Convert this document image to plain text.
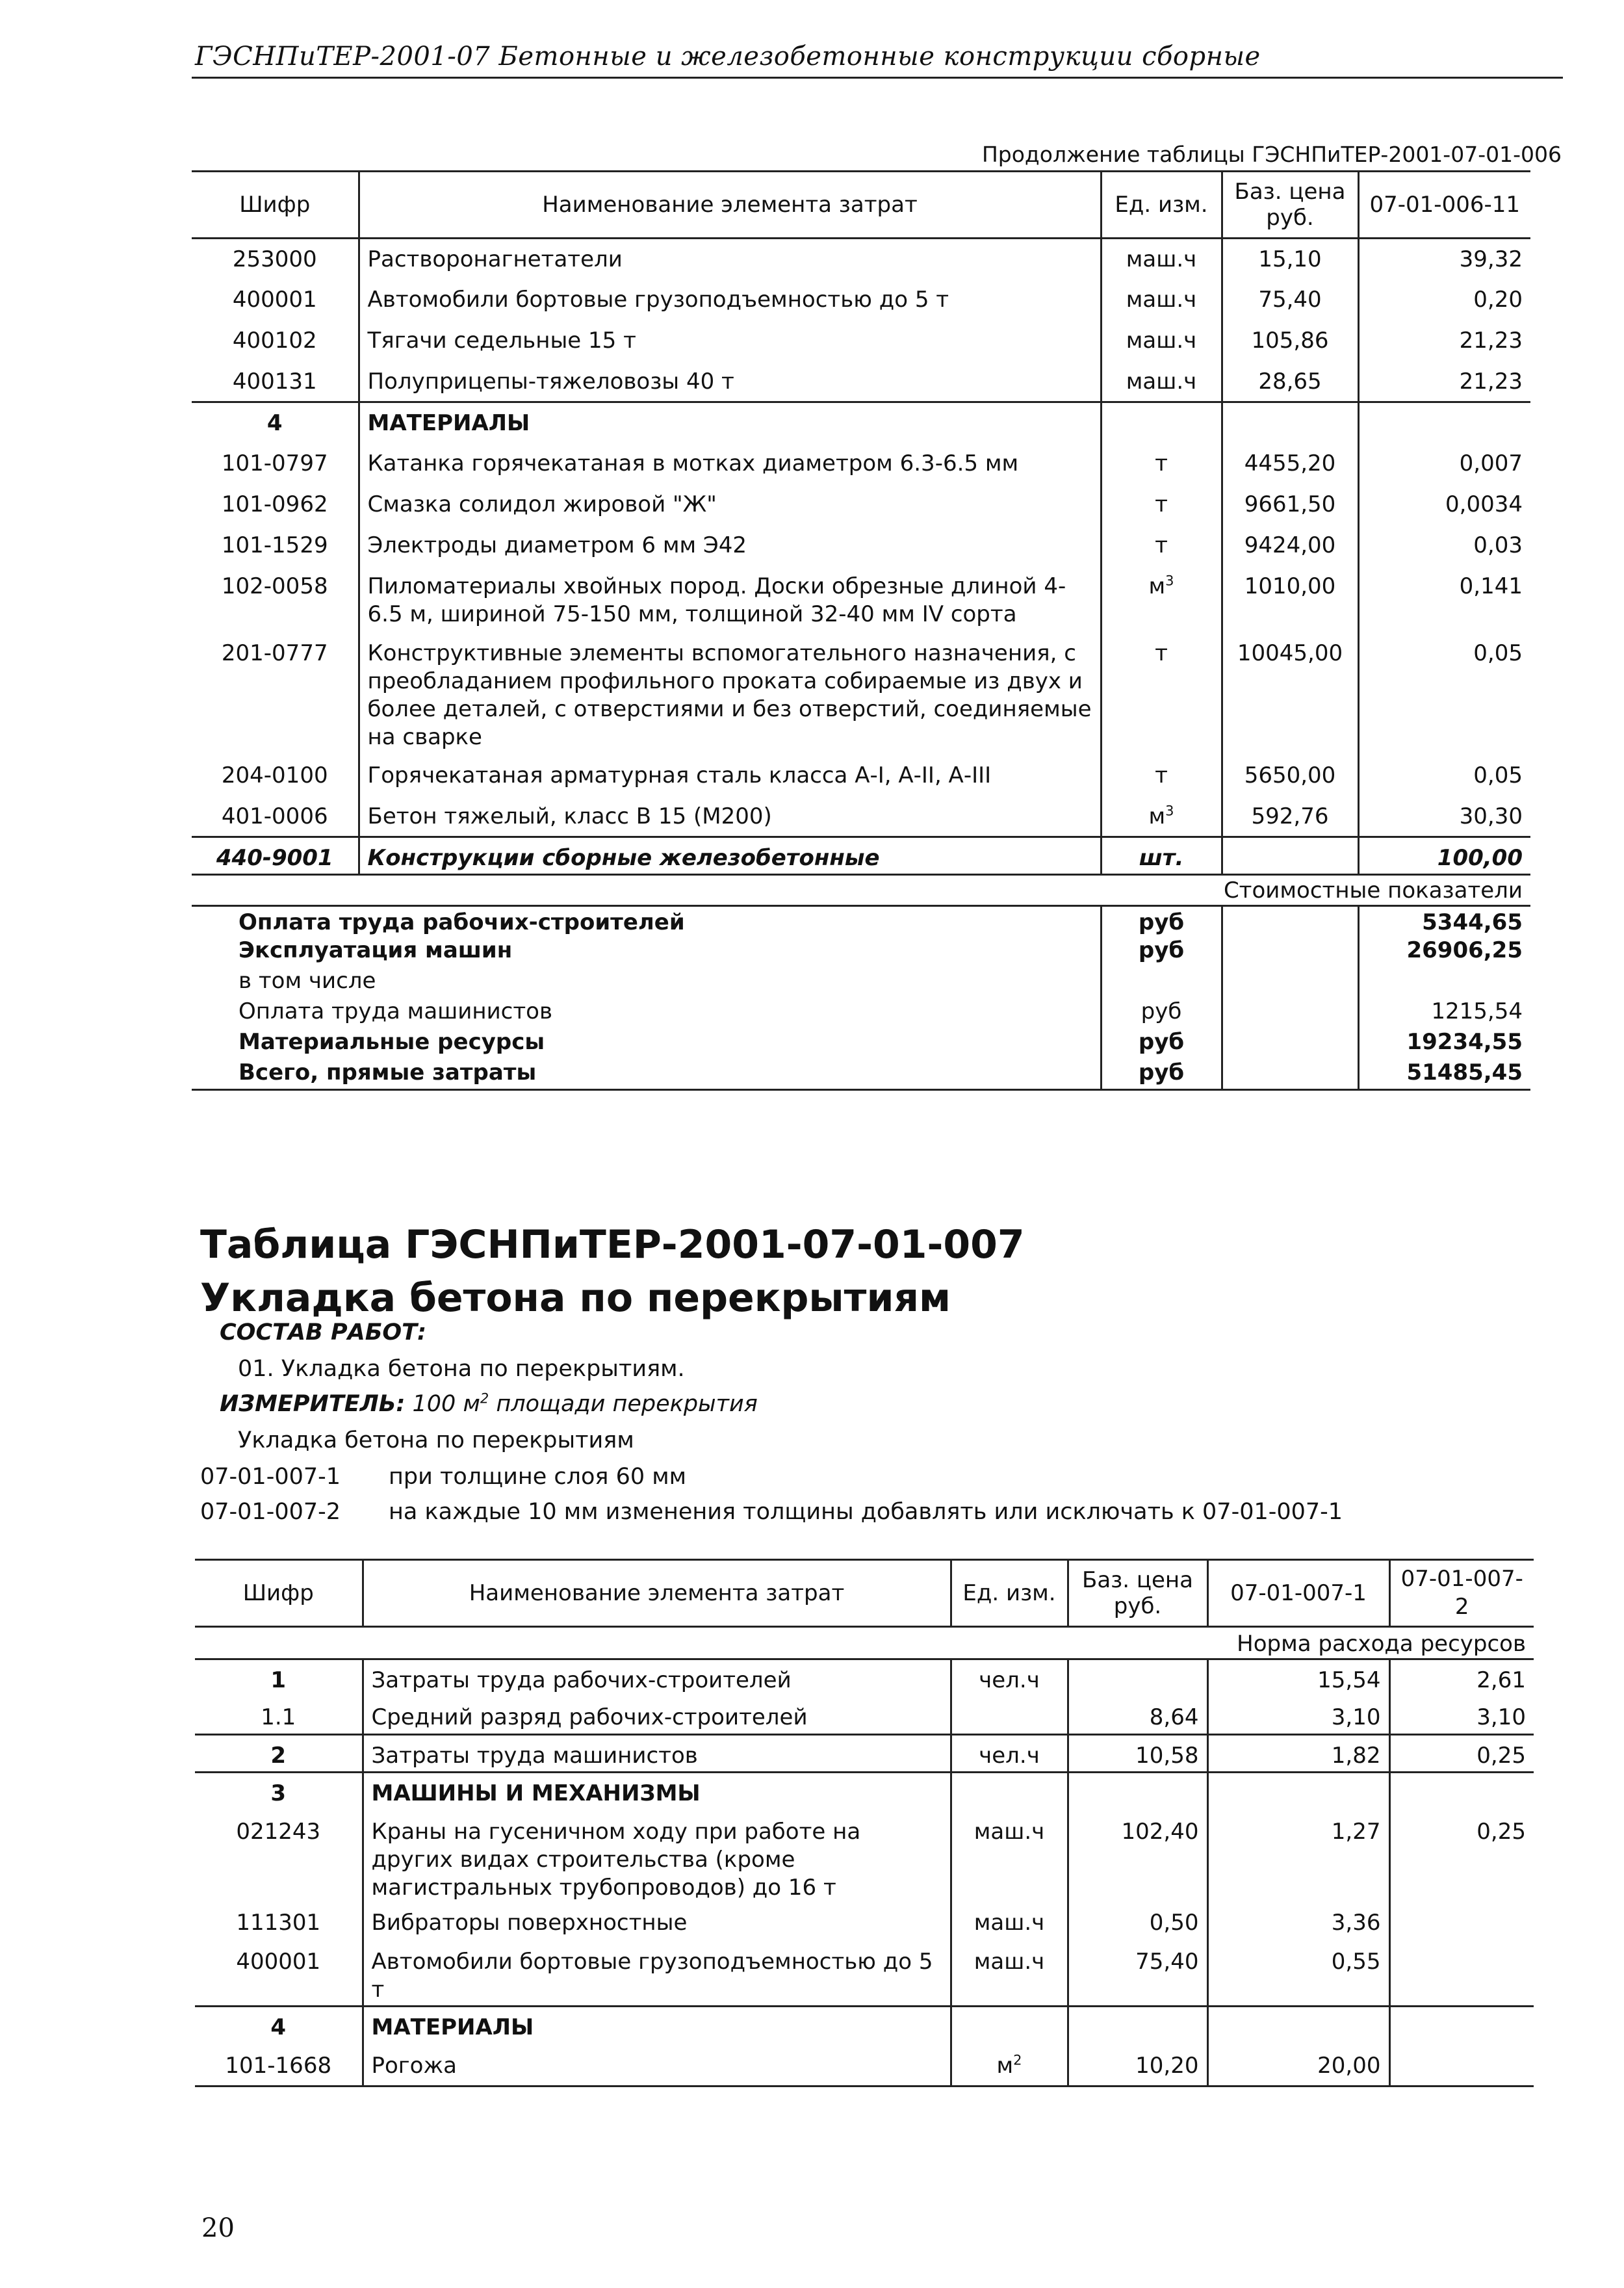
ГЭСНПиТЕР-2001-07 Бетонные и железобетонные конструкции сборные
Продолжение таблицы ГЭСНПиТЕР-2001-07-01-006
Шифр	Наименование элемента затрат	Ед. изм.	Баз. цена руб.	07-01-006-11
253000	Растворонагнетатели	маш.ч	15,10	39,32
400001	Автомобили бортовые грузоподъемностью до 5 т	маш.ч	75,40	0,20
400102	Тягачи седельные 15 т	маш.ч	105,86	21,23
400131	Полуприцепы-тяжеловозы 40 т	маш.ч	28,65	21,23
4	МАТЕРИАЛЫ			
101-0797	Катанка горячекатаная в мотках диаметром 6.3-6.5 мм	т	4455,20	0,007
101-0962	Смазка солидол жировой "Ж"	т	9661,50	0,0034
101-1529	Электроды диаметром 6 мм Э42	т	9424,00	0,03
102-0058	Пиломатериалы хвойных пород. Доски обрезные длиной 4-6.5 м, шириной 75-150 мм, толщиной 32-40 мм IV сорта	$м^3$	1010,00	0,141
201-0777	Конструктивные элементы вспомогательного назначения, с преобладанием профильного проката собираемые из двух и более деталей, с отверстиями и без отверстий, соединяемые на сварке	т	10045,00	0,05
204-0100	Горячекатаная арматурная сталь класса А-I, А-II, А-III	т	5650,00	0,05
401-0006	Бетон тяжелый, класс В 15 (М200)	$м^3$	592,76	30,30
440-9001	Конструкции сборные железобетонные	шт.		100,00
Стоимостные показатели				
Оплата труда рабочих-строителей		руб		5344,65
Эксплуатация машин		руб		26906,25
в том числе				
Оплата труда машинистов		руб		1215,54
Материальные ресурсы		руб		19234,55
Всего, прямые затраты		руб		51485,45
Таблица ГЭСНПиТЕР-2001-07-01-007
Укладка бетона по перекрытиям
СОСТАВ РАБОТ:
01. Укладка бетона по перекрытиям.
ИЗМЕРИТЕЛЬ: 100 $м^2$ площади перекрытия
Укладка бетона по перекрытиям
07-01-007-1 при толщине слоя 60 мм
07-01-007-2 на каждые 10 мм изменения толщины добавлять или исключать к 07-01-007-1
Шифр	Наименование элемента затрат	Ед. изм.	Баз. цена руб.	07-01-007-1	07-01-007-2
Норма расхода ресурсов					
1	Затраты труда рабочих-строителей	чел.ч		15,54	2,61
1.1	Средний разряд рабочих-строителей		8,64	3,10	3,10
2	Затраты труда машинистов	чел.ч	10,58	1,82	0,25
3	МАШИНЫ И МЕХАНИЗМЫ				
021243	Краны на гусеничном ходу при работе на других видах строительства (кроме магистральных трубопроводов) до 16 т	маш.ч	102,40	1,27	0,25
111301	Вибраторы поверхностные	маш.ч	0,50	3,36	
400001	Автомобили бортовые грузоподъемностью до 5 т	маш.ч	75,40	0,55	
4	МАТЕРИАЛЫ				
101-1668	Рогожа	$м^2$	10,20	20,00	
20
